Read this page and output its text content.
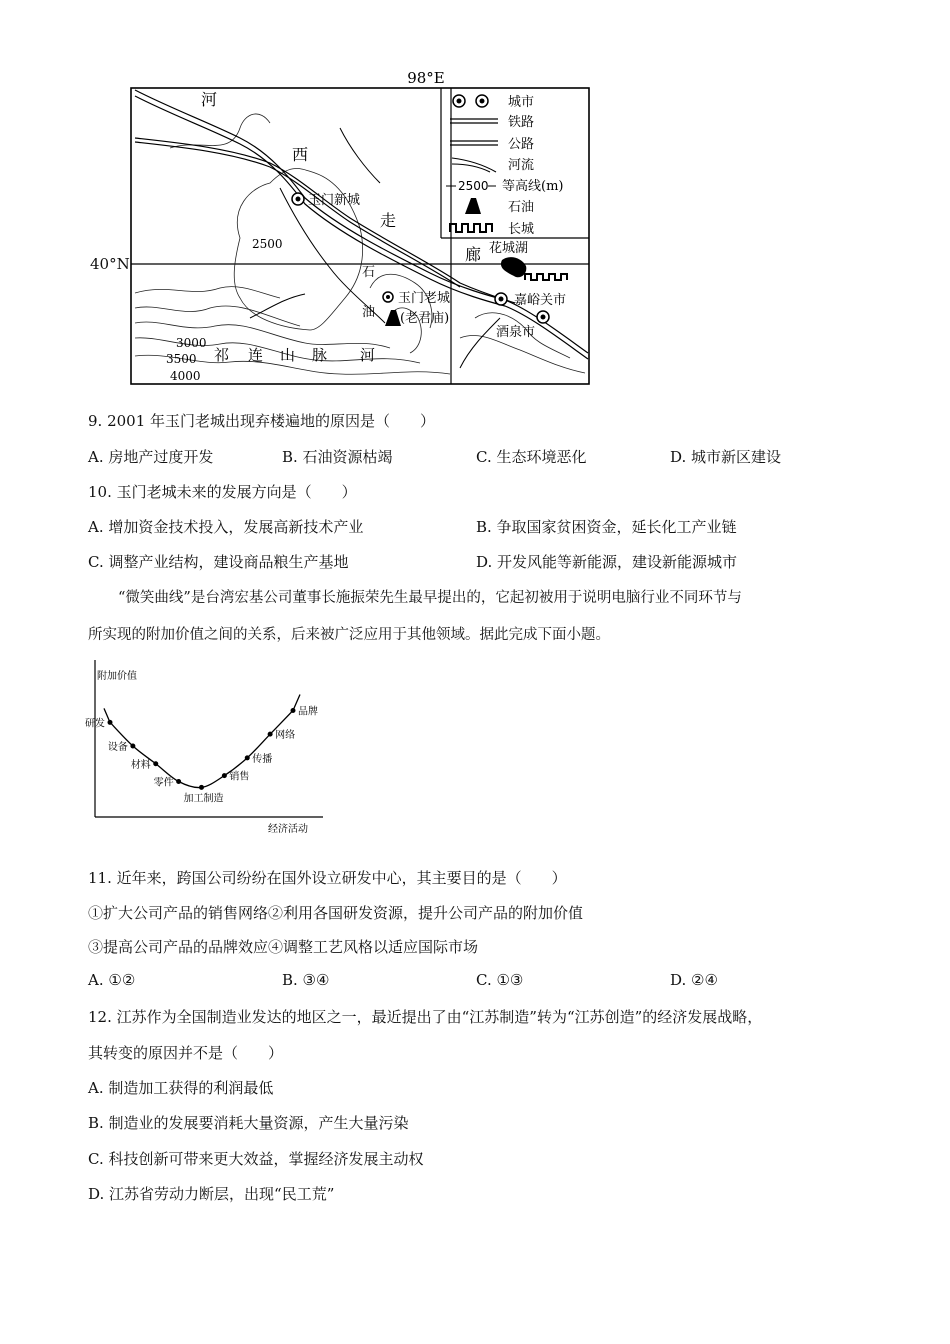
98°E
河
西
走
廊
玉门新城
玉门老城
(老君庙)
嘉峪关市
酒泉市
花城湖
2500
3000
3500
4000
石
油
祁 连 山 脉 河
城市
铁路
公路
河流
2500 等高线(m)
石油
长城
40°N
9. 2001 年玉门老城出现弃楼遍地的原因是（　　）
A. 房地产过度开发	B. 石油资源枯竭	C. 生态环境恶化	D. 城市新区建设
10. 玉门老城未来的发展方向是（　　）
A. 增加资金技术投入，发展高新技术产业	B. 争取国家贫困资金，延长化工产业链
C. 调整产业结构，建设商品粮生产基地	D. 开发风能等新能源，建设新能源城市
“微笑曲线”是台湾宏基公司董事长施振荣先生最早提出的，它起初被用于说明电脑行业不同环节与
所实现的附加价值之间的关系，后来被广泛应用于其他领域。据此完成下面小题。
附加价值
经济活动
研发
设备
材料
零件
加工制造
销售
传播
网络
品牌
11. 近年来，跨国公司纷纷在国外设立研发中心，其主要目的是（　　）
①扩大公司产品的销售网络②利用各国研发资源，提升公司产品的附加价值
③提高公司产品的品牌效应④调整工艺风格以适应国际市场
A. ①②	B. ③④	C. ①③	D. ②④
12. 江苏作为全国制造业发达的地区之一，最近提出了由“江苏制造”转为“江苏创造”的经济发展战略，
其转变的原因并不是（　　）
A. 制造加工获得的利润最低
B. 制造业的发展要消耗大量资源，产生大量污染
C. 科技创新可带来更大效益，掌握经济发展主动权
D. 江苏省劳动力断层，出现“民工荒”
